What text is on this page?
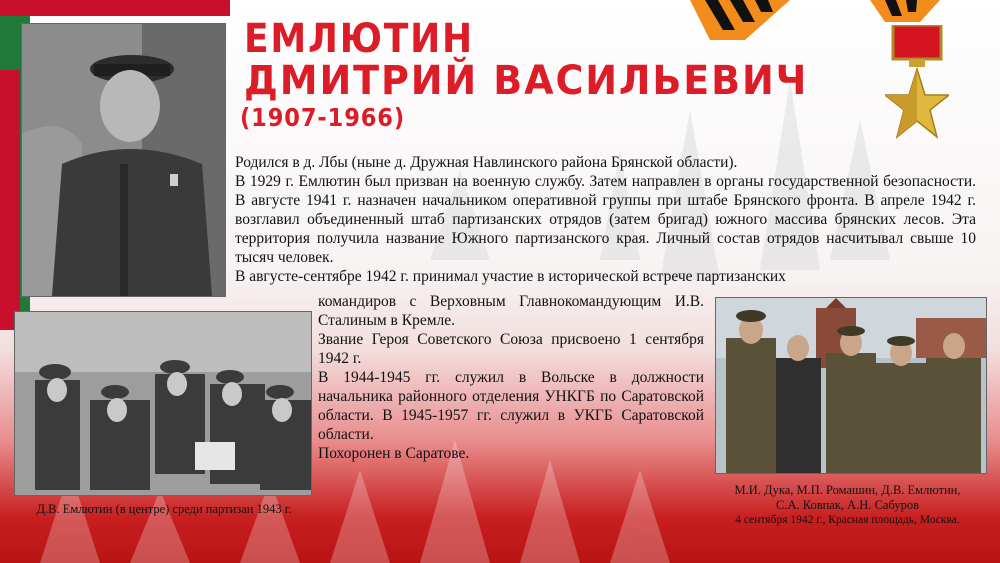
ЕМЛЮТИН
ДМИТРИЙ ВАСИЛЬЕВИЧ
(1907-1966)

Родился в д. Лбы (ныне д. Дружная Навлинского района Брянской области).

В 1929 г. Емлютин был призван на военную службу. Затем направлен в органы государственной безопасности. В августе 1941 г. назначен начальником оперативной группы при штабе Брянского фронта. В апреле 1942 г. возглавил объединенный штаб партизанских отрядов (затем бригад) южного массива брянских лесов. Эта территория получила название Южного партизанского края. Личный состав отрядов насчитывал свыше 10 тысяч человек.

В августе-сентябре 1942 г. принимал участие в исторической встрече партизанских

командиров с Верховным Главнокомандующим И.В. Сталиным в Кремле.

Звание Героя Советского Союза присвоено 1 сентября 1942 г.

В 1944-1945 гг. служил в Вольске в должности начальника районного отделения УНКГБ по Саратовской области. В 1945-1957 гг. служил в УКГБ Саратовской области.

Похоронен в Саратове.

Д.В. Емлютин (в центре) среди партизан 1943 г.
М.И. Дука, М.П. Ромашин, Д.В. Емлютин,
С.А. Ковпак, А.Н. Сабуров
4 сентября 1942 г., Красная площадь, Москва.
